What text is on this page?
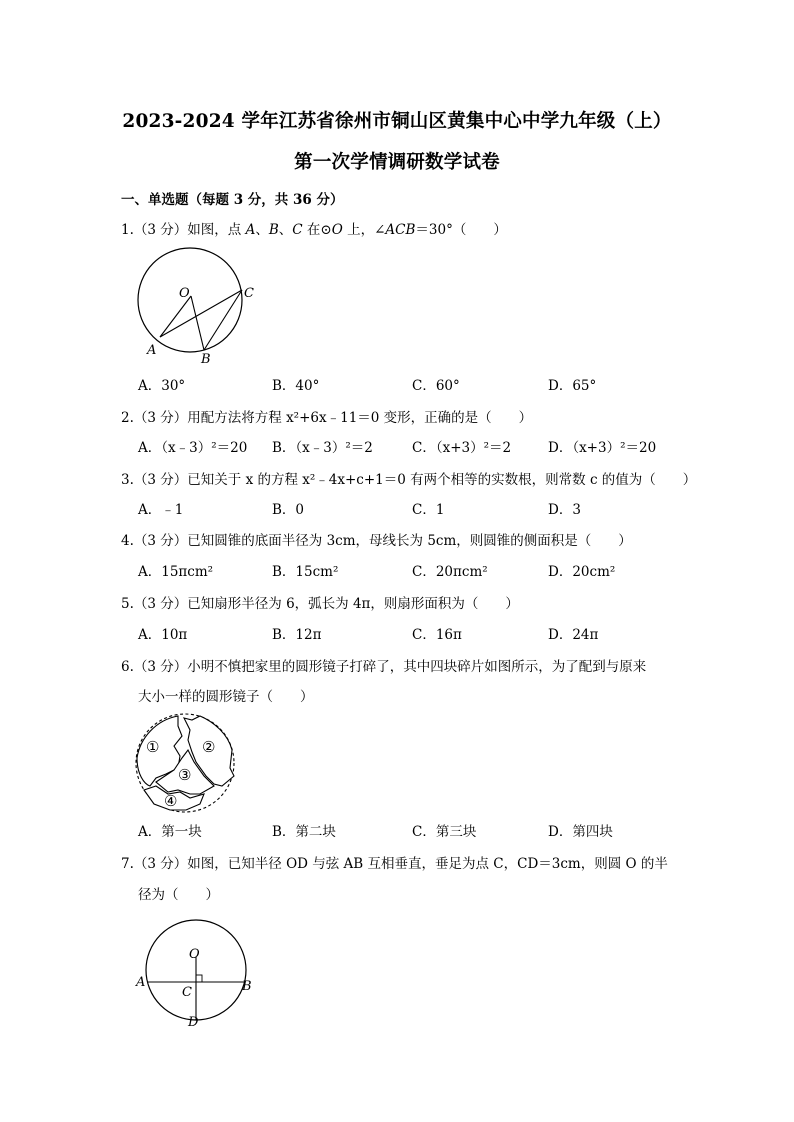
2023-2024 学年江苏省徐州市铜山区黄集中心中学九年级（上）
第一次学情调研数学试卷
一、单选题（每题 3 分，共 36 分）
1.（3 分）如图，点 A、B、C 在⊙O 上，∠ACB＝30°（　　）
O
A
B
C
A．30°	B．40°	C．60°	D．65°
2.（3 分）用配方法将方程 x²+6x﹣11＝0 变形，正确的是（　　）
A．（x﹣3）²＝20 B．（x﹣3）²＝2	C．（x+3）²＝2	D．（x+3）²＝20
3.（3 分）已知关于 x 的方程 x²﹣4x+c+1＝0 有两个相等的实数根，则常数 c 的值为（　　）
A．﹣1	B．0	C．1	D．3
4.（3 分）已知圆锥的底面半径为 3cm，母线长为 5cm，则圆锥的侧面积是（　　）
A．15πcm²	B．15cm²	C．20πcm²	D．20cm²
5.（3 分）已知扇形半径为 6，弧长为 4π，则扇形面积为（　　）
A．10π	B．12π	C．16π	D．24π
6.（3 分）小明不慎把家里的圆形镜子打碎了，其中四块碎片如图所示，为了配到与原来
大小一样的圆形镜子（　　）
①	②
③
④
A．第一块	B．第二块	C．第三块	D．第四块
7.（3 分）如图，已知半径 OD 与弦 AB 互相垂直，垂足为点 C，CD＝3cm，则圆 O 的半
径为（　　）
O
A	B
C
D
